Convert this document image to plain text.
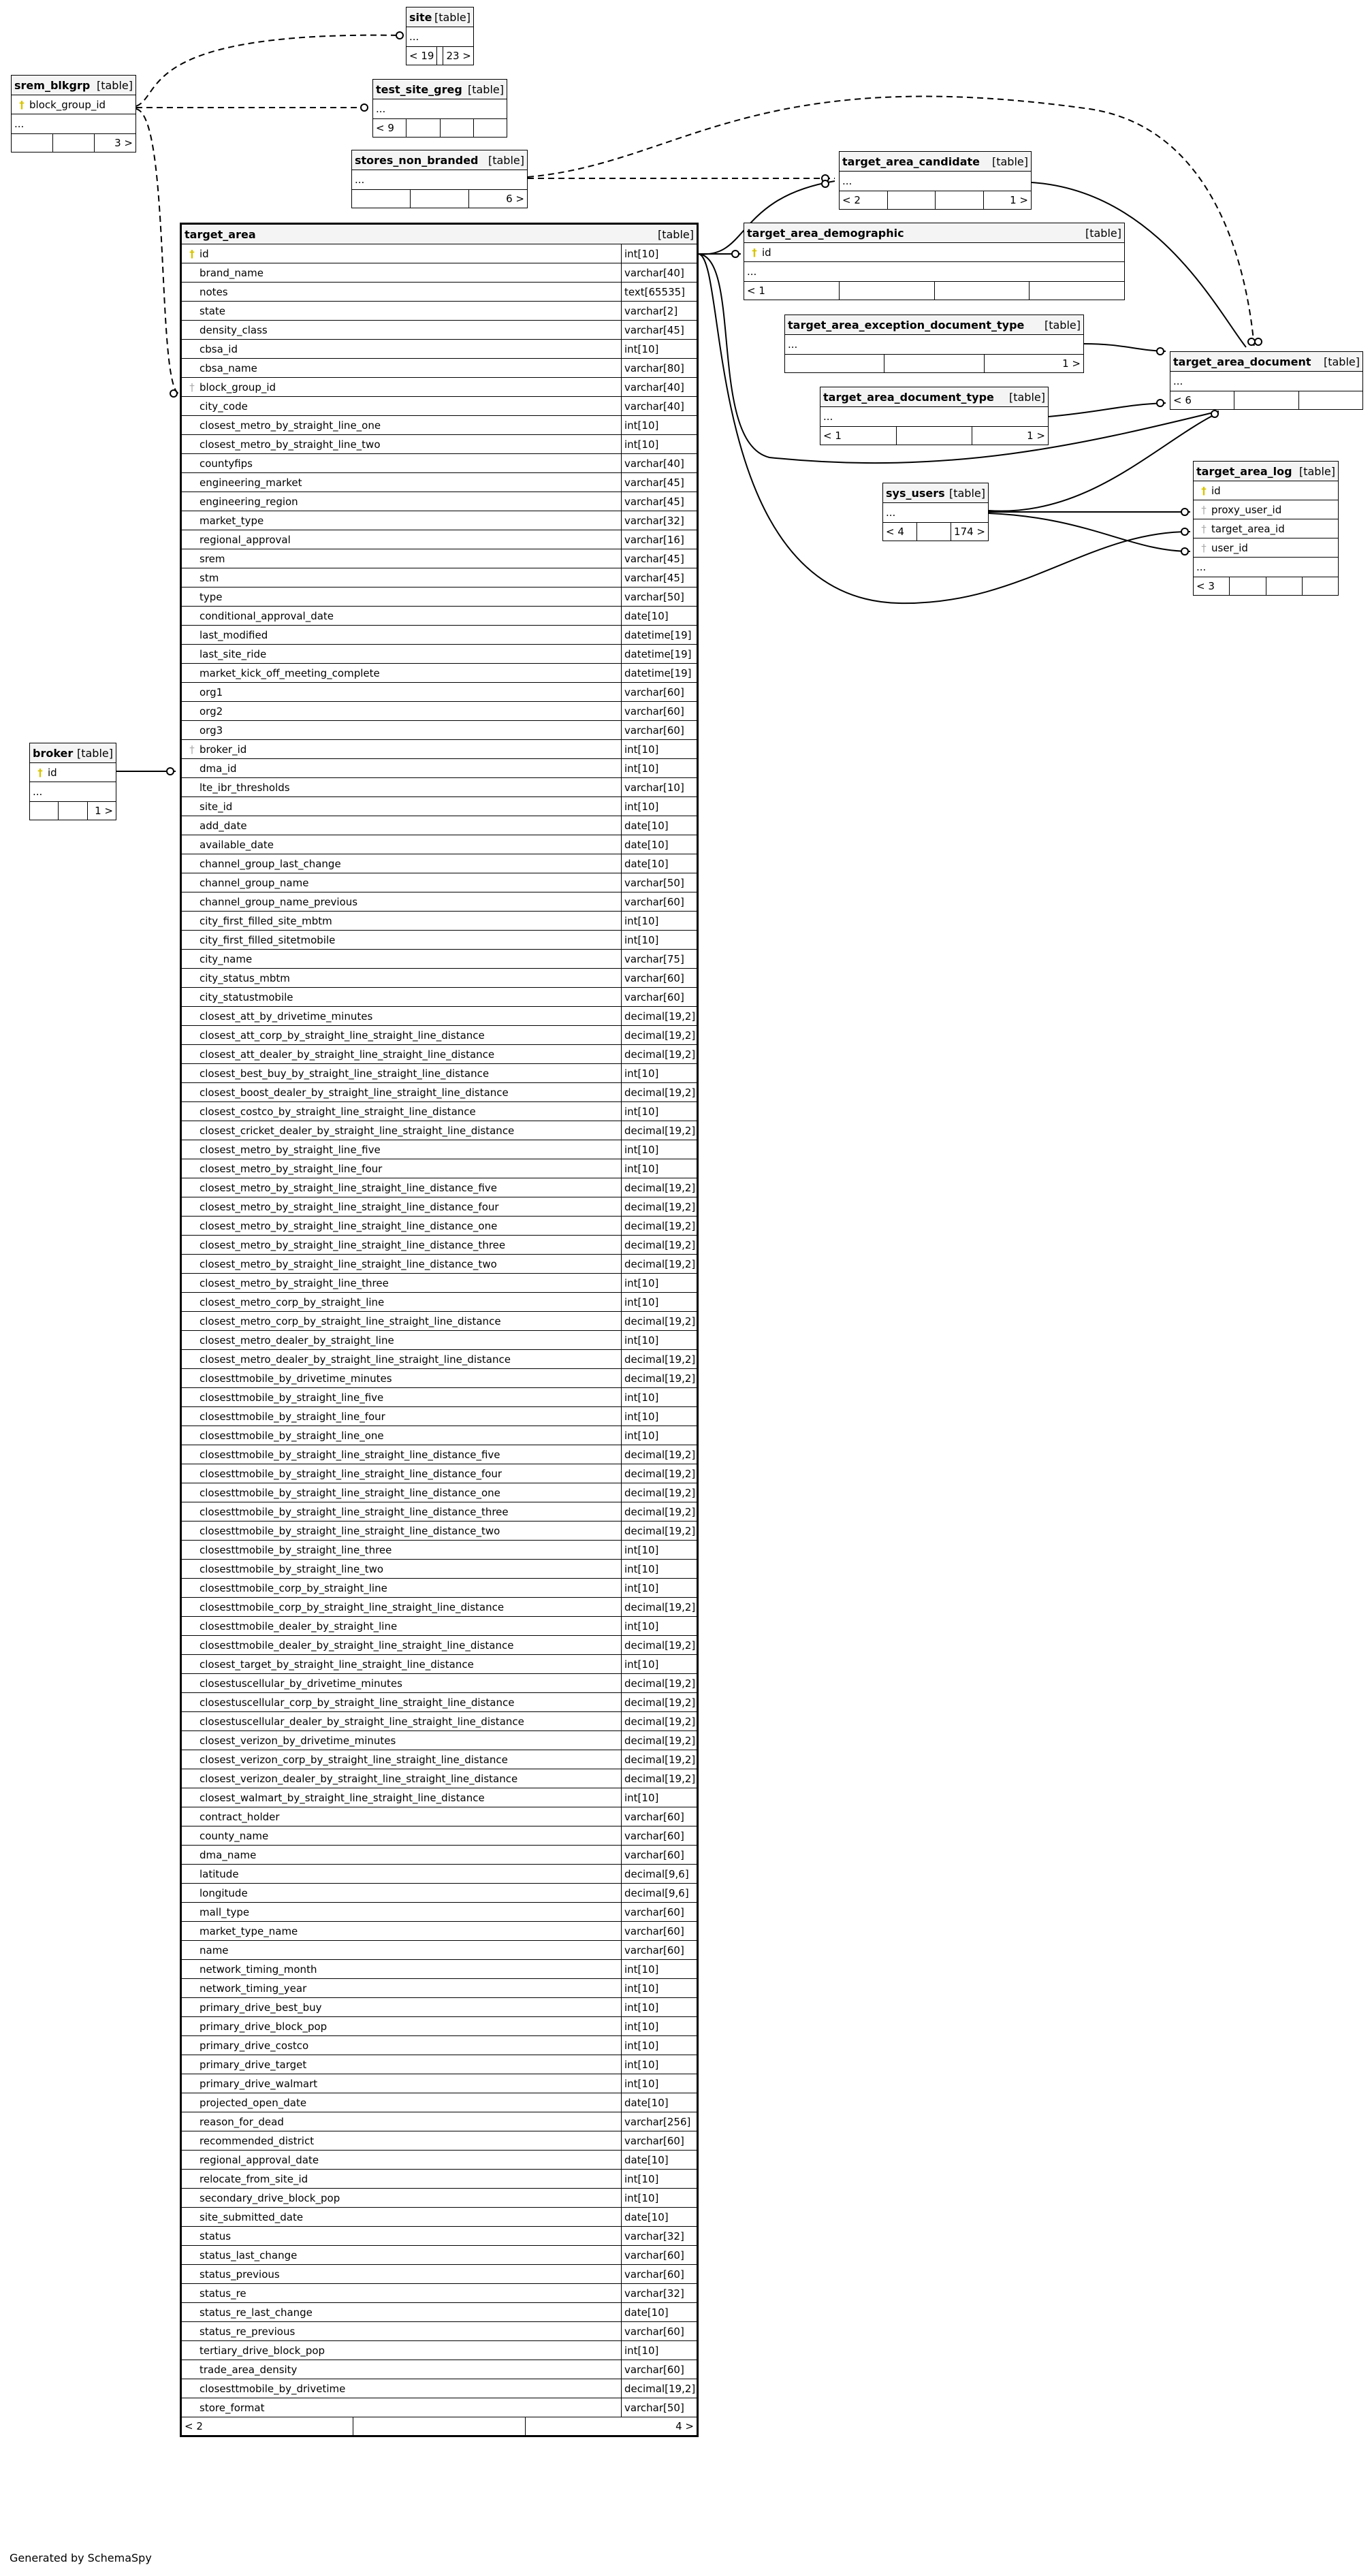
site [table]
...
< 19	23 >
test_site_greg [table]
...
< 9
srem_blkgrp [table]
† block_group_id
...
3 >
stores_non_branded [table]
...
6 >
target_area_candidate [table]
...
< 2	1 >
target_area_demographic	[table]
† id
...
< 1
target_area_exception_document_type [table]
...
1 >
target_area_document_type [table]
...
< 1	1 >
target_area_document [table]
...
< 6
sys_users [table]
...
< 4	174 >
target_area_log [table]
† id
† proxy_user_id
† target_area_id
† user_id
...
< 3
broker [table]
† id
...
1 >
target_area	[table]
† id	int[10]
brand_name	varchar[40]
notes	text[65535]
state	varchar[2]
density_class	varchar[45]
cbsa_id	int[10]
cbsa_name	varchar[80]
† block_group_id	varchar[40]
city_code	varchar[40]
closest_metro_by_straight_line_one	int[10]
closest_metro_by_straight_line_two	int[10]
countyfips	varchar[40]
engineering_market	varchar[45]
engineering_region	varchar[45]
market_type	varchar[32]
regional_approval	varchar[16]
srem	varchar[45]
stm	varchar[45]
type	varchar[50]
conditional_approval_date	date[10]
last_modified	datetime[19]
last_site_ride	datetime[19]
market_kick_off_meeting_complete	datetime[19]
org1	varchar[60]
org2	varchar[60]
org3	varchar[60]
† broker_id	int[10]
dma_id	int[10]
lte_ibr_thresholds	varchar[10]
site_id	int[10]
add_date	date[10]
available_date	date[10]
channel_group_last_change	date[10]
channel_group_name	varchar[50]
channel_group_name_previous	varchar[60]
city_first_filled_site_mbtm	int[10]
city_first_filled_sitetmobile	int[10]
city_name	varchar[75]
city_status_mbtm	varchar[60]
city_statustmobile	varchar[60]
closest_att_by_drivetime_minutes	decimal[19,2]
closest_att_corp_by_straight_line_straight_line_distance	decimal[19,2]
closest_att_dealer_by_straight_line_straight_line_distance	decimal[19,2]
closest_best_buy_by_straight_line_straight_line_distance	int[10]
closest_boost_dealer_by_straight_line_straight_line_distance	decimal[19,2]
closest_costco_by_straight_line_straight_line_distance	int[10]
closest_cricket_dealer_by_straight_line_straight_line_distance	decimal[19,2]
closest_metro_by_straight_line_five	int[10]
closest_metro_by_straight_line_four	int[10]
closest_metro_by_straight_line_straight_line_distance_five	decimal[19,2]
closest_metro_by_straight_line_straight_line_distance_four	decimal[19,2]
closest_metro_by_straight_line_straight_line_distance_one	decimal[19,2]
closest_metro_by_straight_line_straight_line_distance_three	decimal[19,2]
closest_metro_by_straight_line_straight_line_distance_two	decimal[19,2]
closest_metro_by_straight_line_three	int[10]
closest_metro_corp_by_straight_line	int[10]
closest_metro_corp_by_straight_line_straight_line_distance	decimal[19,2]
closest_metro_dealer_by_straight_line	int[10]
closest_metro_dealer_by_straight_line_straight_line_distance	decimal[19,2]
closesttmobile_by_drivetime_minutes	decimal[19,2]
closesttmobile_by_straight_line_five	int[10]
closesttmobile_by_straight_line_four	int[10]
closesttmobile_by_straight_line_one	int[10]
closesttmobile_by_straight_line_straight_line_distance_five	decimal[19,2]
closesttmobile_by_straight_line_straight_line_distance_four	decimal[19,2]
closesttmobile_by_straight_line_straight_line_distance_one	decimal[19,2]
closesttmobile_by_straight_line_straight_line_distance_three	decimal[19,2]
closesttmobile_by_straight_line_straight_line_distance_two	decimal[19,2]
closesttmobile_by_straight_line_three	int[10]
closesttmobile_by_straight_line_two	int[10]
closesttmobile_corp_by_straight_line	int[10]
closesttmobile_corp_by_straight_line_straight_line_distance	decimal[19,2]
closesttmobile_dealer_by_straight_line	int[10]
closesttmobile_dealer_by_straight_line_straight_line_distance	decimal[19,2]
closest_target_by_straight_line_straight_line_distance	int[10]
closestuscellular_by_drivetime_minutes	decimal[19,2]
closestuscellular_corp_by_straight_line_straight_line_distance	decimal[19,2]
closestuscellular_dealer_by_straight_line_straight_line_distance	decimal[19,2]
closest_verizon_by_drivetime_minutes	decimal[19,2]
closest_verizon_corp_by_straight_line_straight_line_distance	decimal[19,2]
closest_verizon_dealer_by_straight_line_straight_line_distance	decimal[19,2]
closest_walmart_by_straight_line_straight_line_distance	int[10]
contract_holder	varchar[60]
county_name	varchar[60]
dma_name	varchar[60]
latitude	decimal[9,6]
longitude	decimal[9,6]
mall_type	varchar[60]
market_type_name	varchar[60]
name	varchar[60]
network_timing_month	int[10]
network_timing_year	int[10]
primary_drive_best_buy	int[10]
primary_drive_block_pop	int[10]
primary_drive_costco	int[10]
primary_drive_target	int[10]
primary_drive_walmart	int[10]
projected_open_date	date[10]
reason_for_dead	varchar[256]
recommended_district	varchar[60]
regional_approval_date	date[10]
relocate_from_site_id	int[10]
secondary_drive_block_pop	int[10]
site_submitted_date	date[10]
status	varchar[32]
status_last_change	varchar[60]
status_previous	varchar[60]
status_re	varchar[32]
status_re_last_change	date[10]
status_re_previous	varchar[60]
tertiary_drive_block_pop	int[10]
trade_area_density	varchar[60]
closesttmobile_by_drivetime	decimal[19,2]
store_format	varchar[50]
< 2	4 >
Generated by SchemaSpy
